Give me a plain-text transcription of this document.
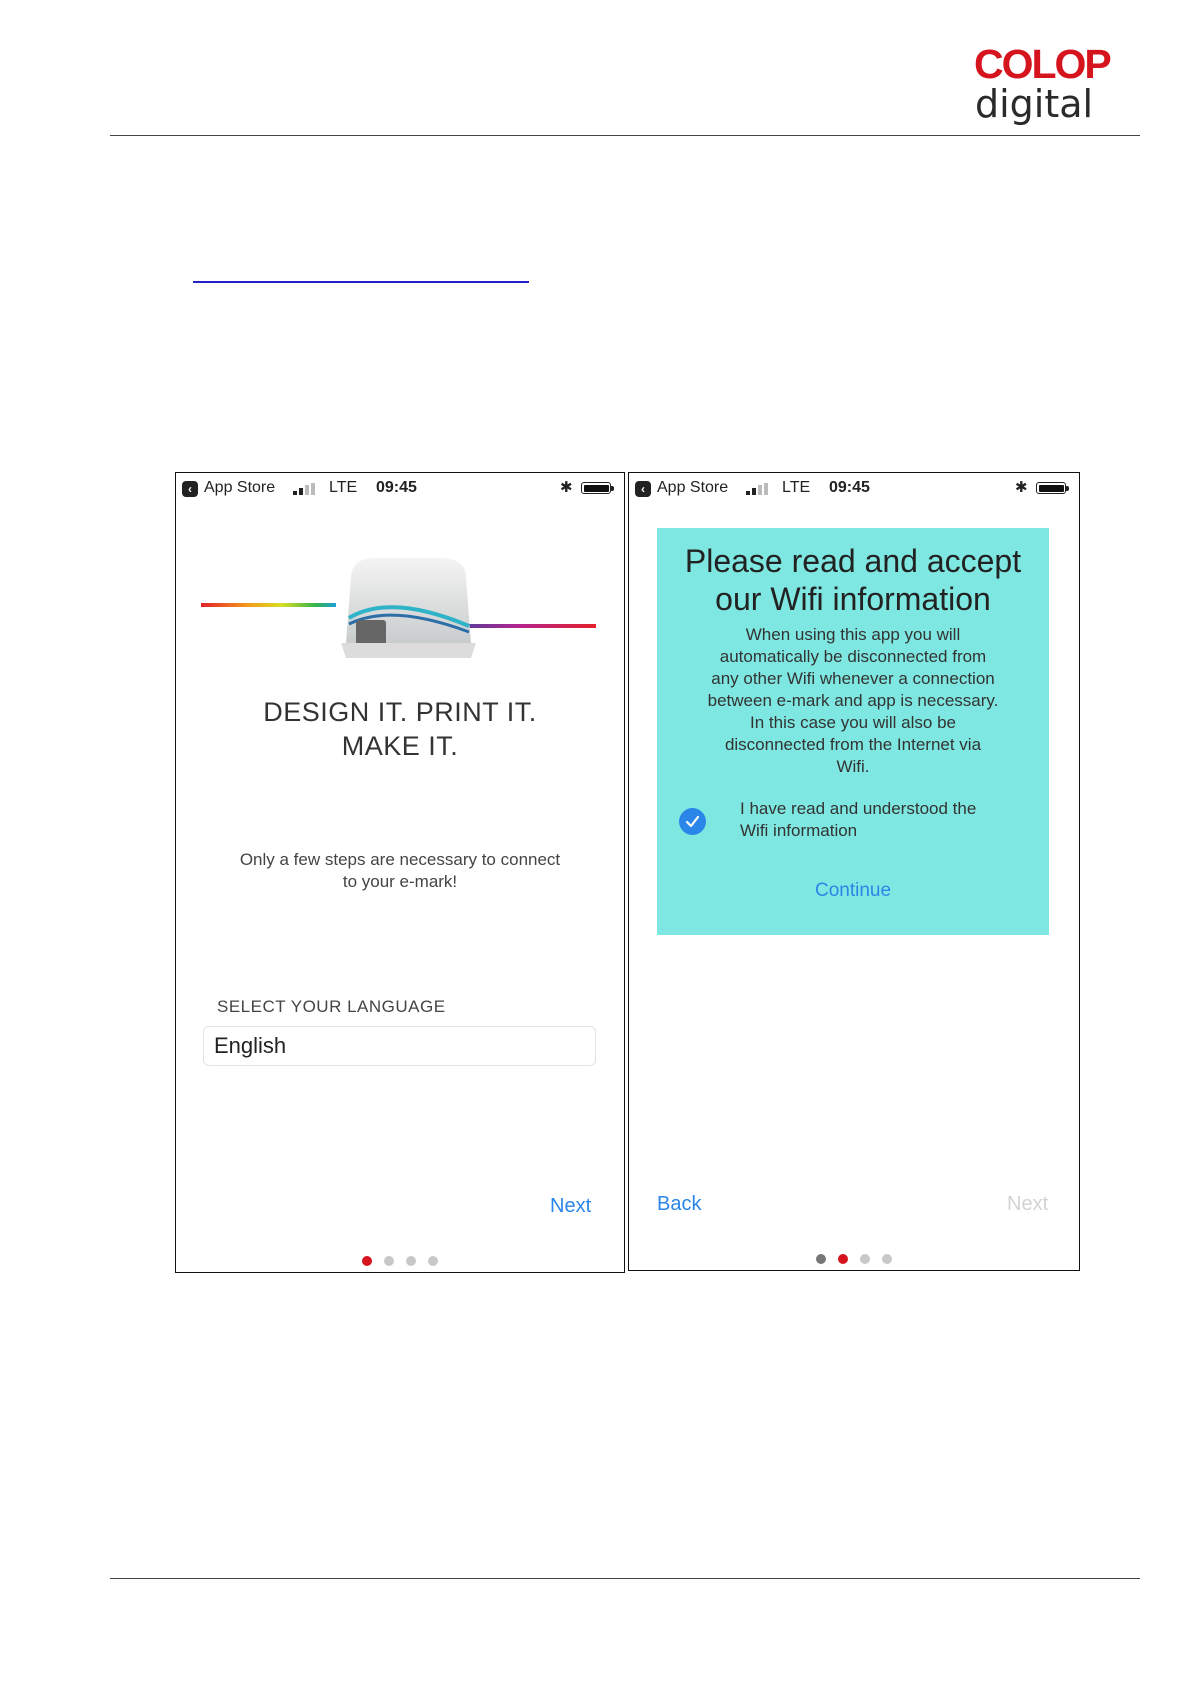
COLOP
digital
‹ App Store	LTE 09:45	✱
DESIGN IT. PRINT IT.
MAKE IT.
Only a few steps are necessary to connect
to your e-mark!
SELECT YOUR LANGUAGE
English
Next
‹ App Store	LTE 09:45	✱
Please read and accept
our Wifi information
When using this app you will
automatically be disconnected from
any other Wifi whenever a connection
between e-mark and app is necessary.
In this case you will also be
disconnected from the Internet via
Wifi.
I have read and understood the
Wifi information
Continue
Back	Next
